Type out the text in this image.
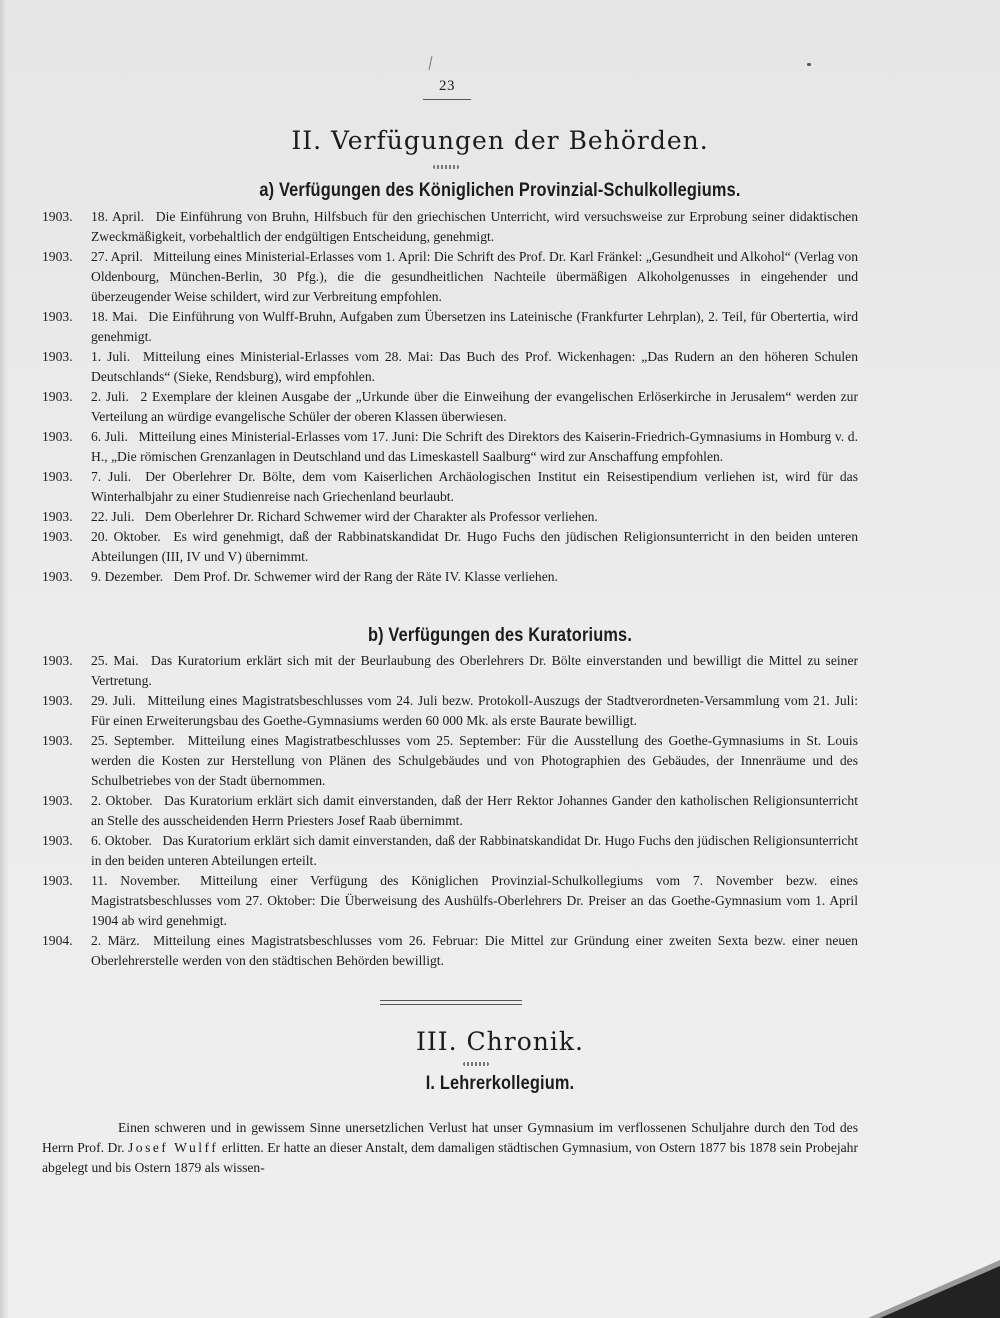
23
II. Verfügungen der Behörden.
a) Verfügungen des Königlichen Provinzial-Schulkollegiums.

1903. 18. April. Die Einführung von Bruhn, Hilfsbuch für den griechischen Unterricht, wird versuchsweise zur Erprobung seiner didaktischen Zweckmäßigkeit, vorbehaltlich der endgültigen Entscheidung, genehmigt.

1903. 27. April. Mitteilung eines Ministerial-Erlasses vom 1. April: Die Schrift des Prof. Dr. Karl Fränkel: „Gesundheit und Alkohol“ (Verlag von Oldenbourg, München-Berlin, 30 Pfg.), die die gesundheitlichen Nachteile übermäßigen Alkoholgenusses in eingehender und überzeugender Weise schildert, wird zur Verbreitung empfohlen.

1903. 18. Mai. Die Einführung von Wulff-Bruhn, Aufgaben zum Übersetzen ins Lateinische (Frankfurter Lehrplan), 2. Teil, für Obertertia, wird genehmigt.

1903. 1. Juli. Mitteilung eines Ministerial-Erlasses vom 28. Mai: Das Buch des Prof. Wickenhagen: „Das Rudern an den höheren Schulen Deutschlands“ (Sieke, Rendsburg), wird empfohlen.

1903. 2. Juli. 2 Exemplare der kleinen Ausgabe der „Urkunde über die Einweihung der evangelischen Erlöserkirche in Jerusalem“ werden zur Verteilung an würdige evangelische Schüler der oberen Klassen überwiesen.

1903. 6. Juli. Mitteilung eines Ministerial-Erlasses vom 17. Juni: Die Schrift des Direktors des Kaiserin-Friedrich-Gymnasiums in Homburg v. d. H., „Die römischen Grenzanlagen in Deutschland und das Limeskastell Saalburg“ wird zur Anschaffung empfohlen.

1903. 7. Juli. Der Oberlehrer Dr. Bölte, dem vom Kaiserlichen Archäologischen Institut ein Reisestipendium verliehen ist, wird für das Winterhalbjahr zu einer Studienreise nach Griechenland beurlaubt.

1903. 22. Juli. Dem Oberlehrer Dr. Richard Schwemer wird der Charakter als Professor verliehen.

1903. 20. Oktober. Es wird genehmigt, daß der Rabbinatskandidat Dr. Hugo Fuchs den jüdischen Religionsunterricht in den beiden unteren Abteilungen (III, IV und V) übernimmt.

1903. 9. Dezember. Dem Prof. Dr. Schwemer wird der Rang der Räte IV. Klasse verliehen.

b) Verfügungen des Kuratoriums.

1903. 25. Mai. Das Kuratorium erklärt sich mit der Beurlaubung des Oberlehrers Dr. Bölte einverstanden und bewilligt die Mittel zu seiner Vertretung.

1903. 29. Juli. Mitteilung eines Magistratsbeschlusses vom 24. Juli bezw. Protokoll-Auszugs der Stadtverordneten-Versammlung vom 21. Juli: Für einen Erweiterungsbau des Goethe-Gymnasiums werden 60 000 Mk. als erste Baurate bewilligt.

1903. 25. September. Mitteilung eines Magistratbeschlusses vom 25. September: Für die Ausstellung des Goethe-Gymnasiums in St. Louis werden die Kosten zur Herstellung von Plänen des Schulgebäudes und von Photographien des Gebäudes, der Innenräume und des Schulbetriebes von der Stadt übernommen.

1903. 2. Oktober. Das Kuratorium erklärt sich damit einverstanden, daß der Herr Rektor Johannes Gander den katholischen Religionsunterricht an Stelle des ausscheidenden Herrn Priesters Josef Raab übernimmt.

1903. 6. Oktober. Das Kuratorium erklärt sich damit einverstanden, daß der Rabbinatskandidat Dr. Hugo Fuchs den jüdischen Religionsunterricht in den beiden unteren Abteilungen erteilt.

1903. 11. November. Mitteilung einer Verfügung des Königlichen Provinzial-Schulkollegiums vom 7. November bezw. eines Magistratsbeschlusses vom 27. Oktober: Die Überweisung des Aushülfs-Oberlehrers Dr. Preiser an das Goethe-Gymnasium vom 1. April 1904 ab wird genehmigt.

1904. 2. März. Mitteilung eines Magistratsbeschlusses vom 26. Februar: Die Mittel zur Gründung einer zweiten Sexta bezw. einer neuen Oberlehrerstelle werden von den städtischen Behörden bewilligt.

III. Chronik.
I. Lehrerkollegium.

Einen schweren und in gewissem Sinne unersetzlichen Verlust hat unser Gymnasium im verflossenen Schuljahre durch den Tod des Herrn Prof. Dr. Josef Wulff erlitten. Er hatte an dieser Anstalt, dem damaligen städtischen Gymnasium, von Ostern 1877 bis 1878 sein Probejahr abgelegt und bis Ostern 1879 als wissen-
